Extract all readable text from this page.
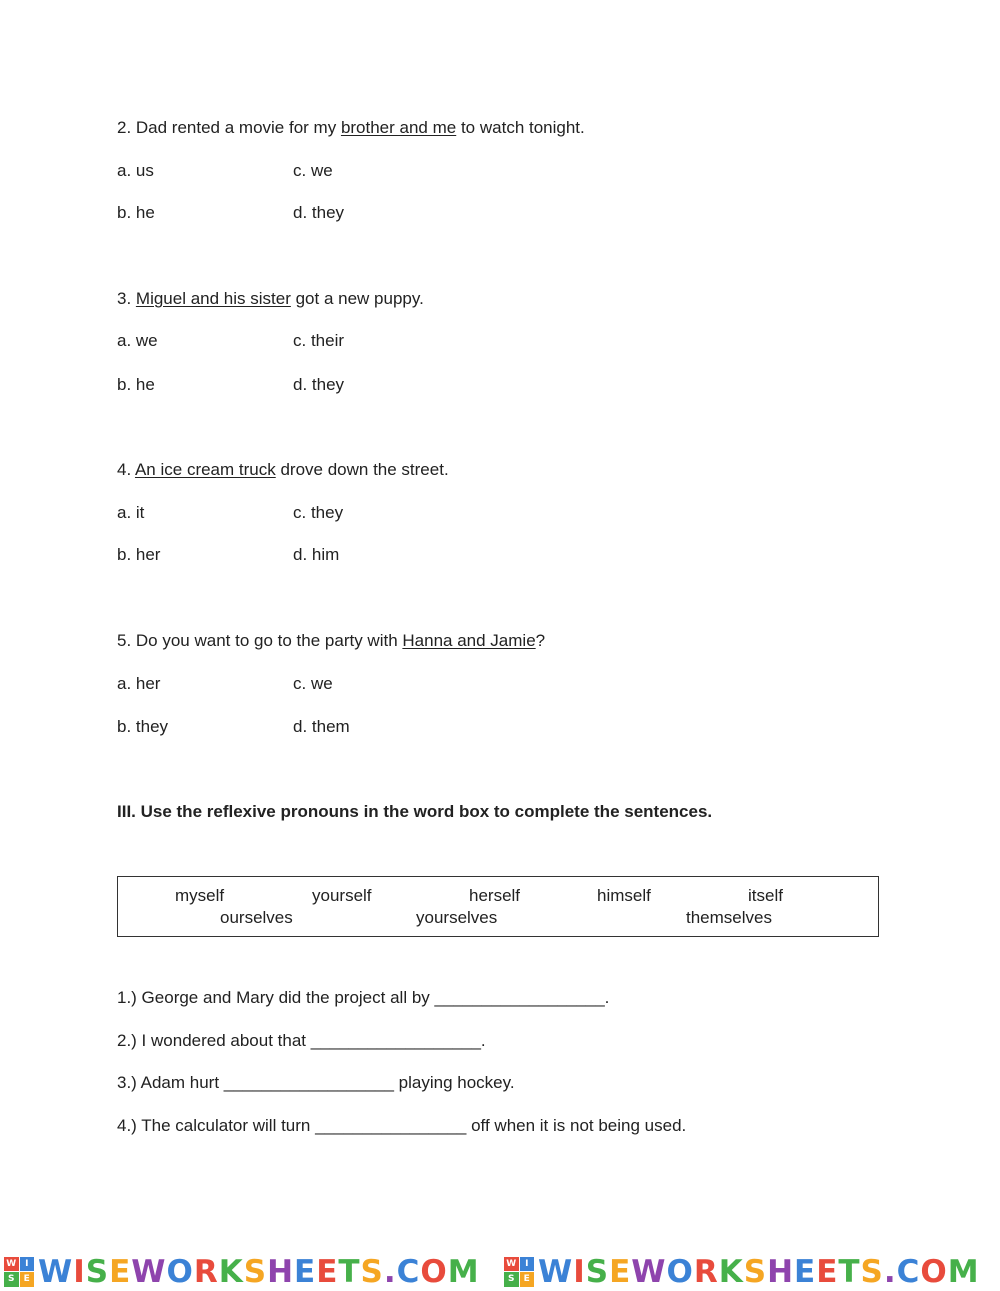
2. Dad rented a movie for my brother and me to watch tonight.
a. us	c. we
b. he	d. they
3. Miguel and his sister got a new puppy.
a. we	c. their
b. he	d. they
4. An ice cream truck drove down the street.
a. it	c. they
b. her	d. him
5. Do you want to go to the party with Hanna and Jamie?
a. her	c. we
b. they	d. them
III. Use the reflexive pronouns in the word box to complete the sentences.
myself	yourself	herself	himself	itself
ourselves	yourselves	themselves
1.) George and Mary did the project all by __________________.
2.) I wondered about that __________________.
3.) Adam hurt __________________ playing hockey.
4.) The calculator will turn ________________ off when it is not being used.
W I
S	E WISEWORKSHEETS.COM	W I
S	E WISEWORKSHEETS.COM
